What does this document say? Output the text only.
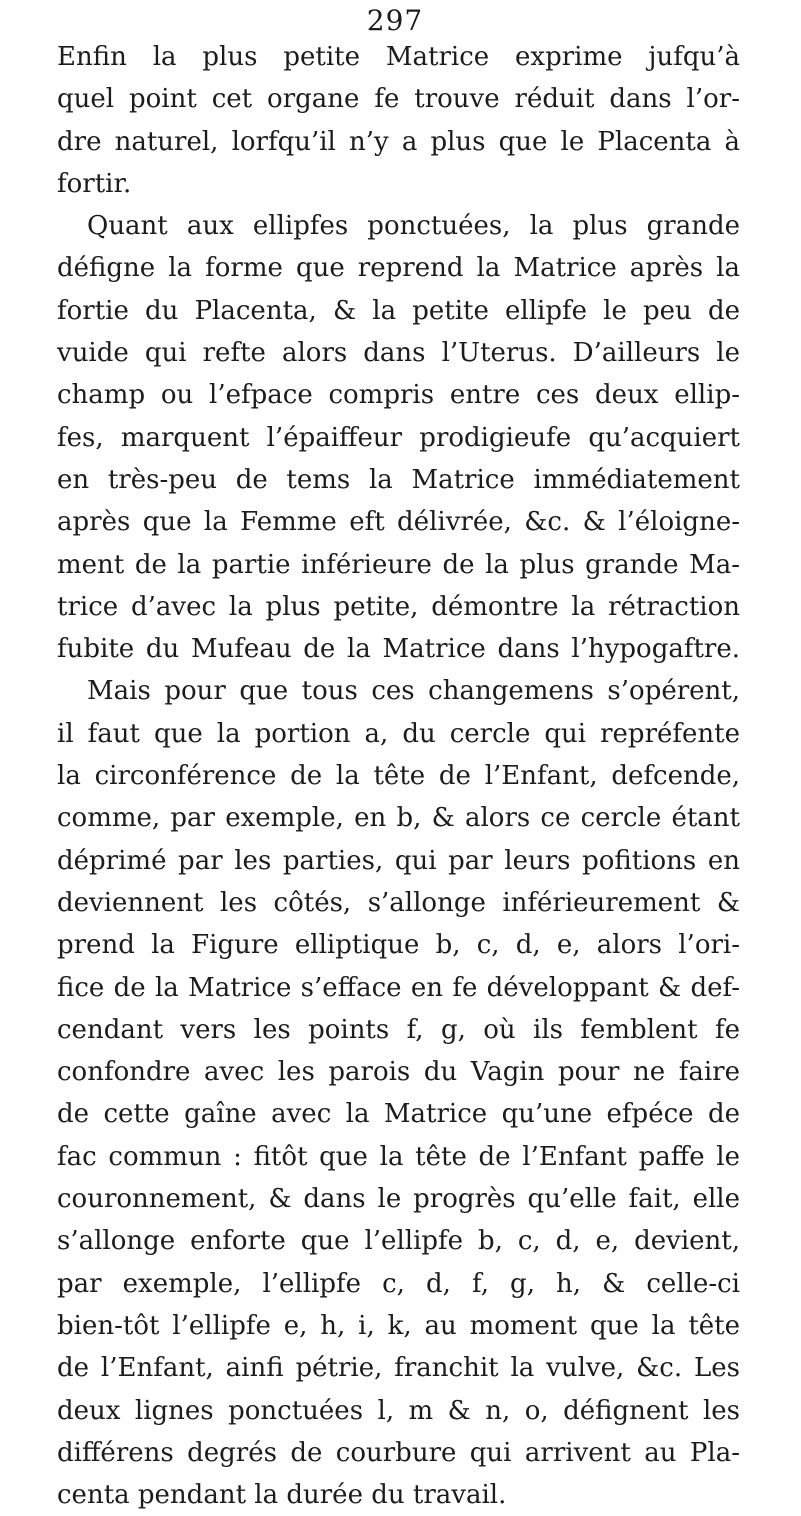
297

Enfin la plus petite Matrice exprime jufqu’à
quel point cet organe fe trouve réduit dans l’or-
dre naturel, lorfqu’il n’y a plus que le Placenta à
fortir.

Quant aux ellipfes ponctuées, la plus grande
défigne la forme que reprend la Matrice après la
fortie du Placenta, & la petite ellipfe le peu de
vuide qui refte alors dans l’Uterus. D’ailleurs le
champ ou l’efpace compris entre ces deux ellip-
fes, marquent l’épaiffeur prodigieufe qu’acquiert
en très-peu de tems la Matrice immédiatement
après que la Femme eft délivrée, &c. & l’éloigne-
ment de la partie inférieure de la plus grande Ma-
trice d’avec la plus petite, démontre la rétraction
fubite du Mufeau de la Matrice dans l’hypogaftre.

Mais pour que tous ces changemens s’opérent,
il faut que la portion a, du cercle qui repréfente
la circonférence de la tête de l’Enfant, defcende,
comme, par exemple, en b, & alors ce cercle étant
déprimé par les parties, qui par leurs pofitions en
deviennent les côtés, s’allonge inférieurement &
prend la Figure elliptique b, c, d, e, alors l’ori-
fice de la Matrice s’efface en fe développant & def-
cendant vers les points f, g, où ils femblent fe
confondre avec les parois du Vagin pour ne faire
de cette gaîne avec la Matrice qu’une efpéce de
fac commun : fitôt que la tête de l’Enfant paffe le
couronnement, & dans le progrès qu’elle fait, elle
s’allonge enforte que l’ellipfe b, c, d, e, devient,
par exemple, l’ellipfe c, d, f, g, h, & celle-ci
bien-tôt l’ellipfe e, h, i, k, au moment que la tête
de l’Enfant, ainfi pétrie, franchit la vulve, &c. Les
deux lignes ponctuées l, m & n, o, défignent les
différens degrés de courbure qui arrivent au Pla-
centa pendant la durée du travail.
